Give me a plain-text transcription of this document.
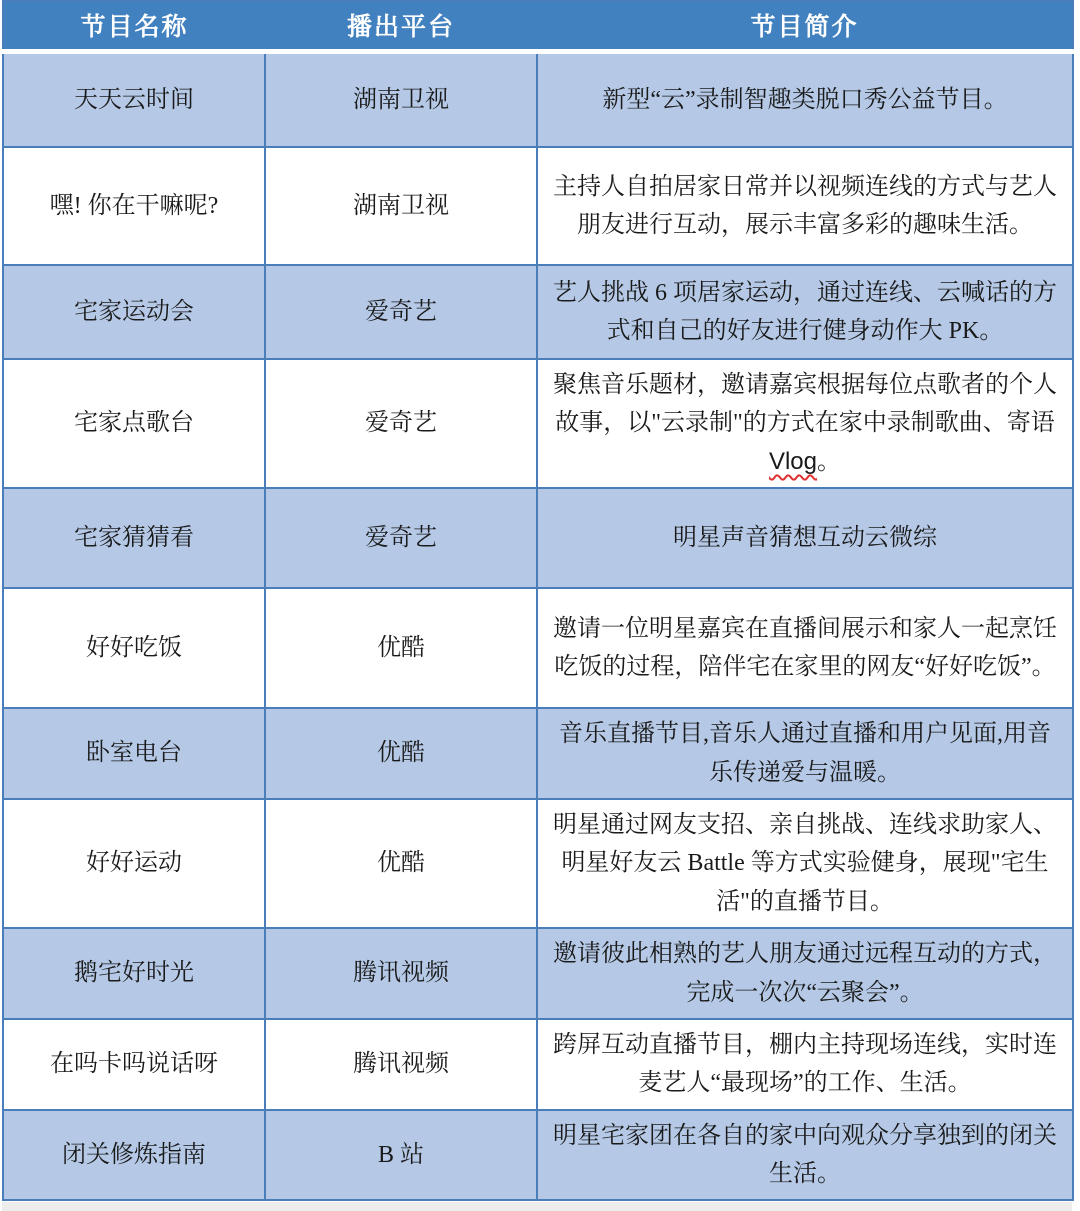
节目名称	播出平台	节目简介
天天云时间	湖南卫视	新型“云”录制智趣类脱口秀公益节目。
嘿! 你在干嘛呢?	湖南卫视	主持人自拍居家日常并以视频连线的方式与艺人朋友进行互动，展示丰富多彩的趣味生活。
宅家运动会	爱奇艺	艺人挑战 6 项居家运动，通过连线、云喊话的方式和自己的好友进行健身动作大 PK。
宅家点歌台	爱奇艺	聚焦音乐题材，邀请嘉宾根据每位点歌者的个人故事，以"云录制"的方式在家中录制歌曲、寄语 Vlog。
宅家猜猜看	爱奇艺	明星声音猜想互动云微综
好好吃饭	优酷	邀请一位明星嘉宾在直播间展示和家人一起烹饪吃饭的过程，陪伴宅在家里的网友“好好吃饭”。
卧室电台	优酷	音乐直播节目,音乐人通过直播和用户见面,用音乐传递爱与温暖。
好好运动	优酷	明星通过网友支招、亲自挑战、连线求助家人、明星好友云 Battle 等方式实验健身，展现"宅生活"的直播节目。
鹅宅好时光	腾讯视频	邀请彼此相熟的艺人朋友通过远程互动的方式，完成一次次“云聚会”。
在吗卡吗说话呀	腾讯视频	跨屏互动直播节目，棚内主持现场连线，实时连麦艺人“最现场”的工作、生活。
闭关修炼指南	B 站	明星宅家团在各自的家中向观众分享独到的闭关生活。
